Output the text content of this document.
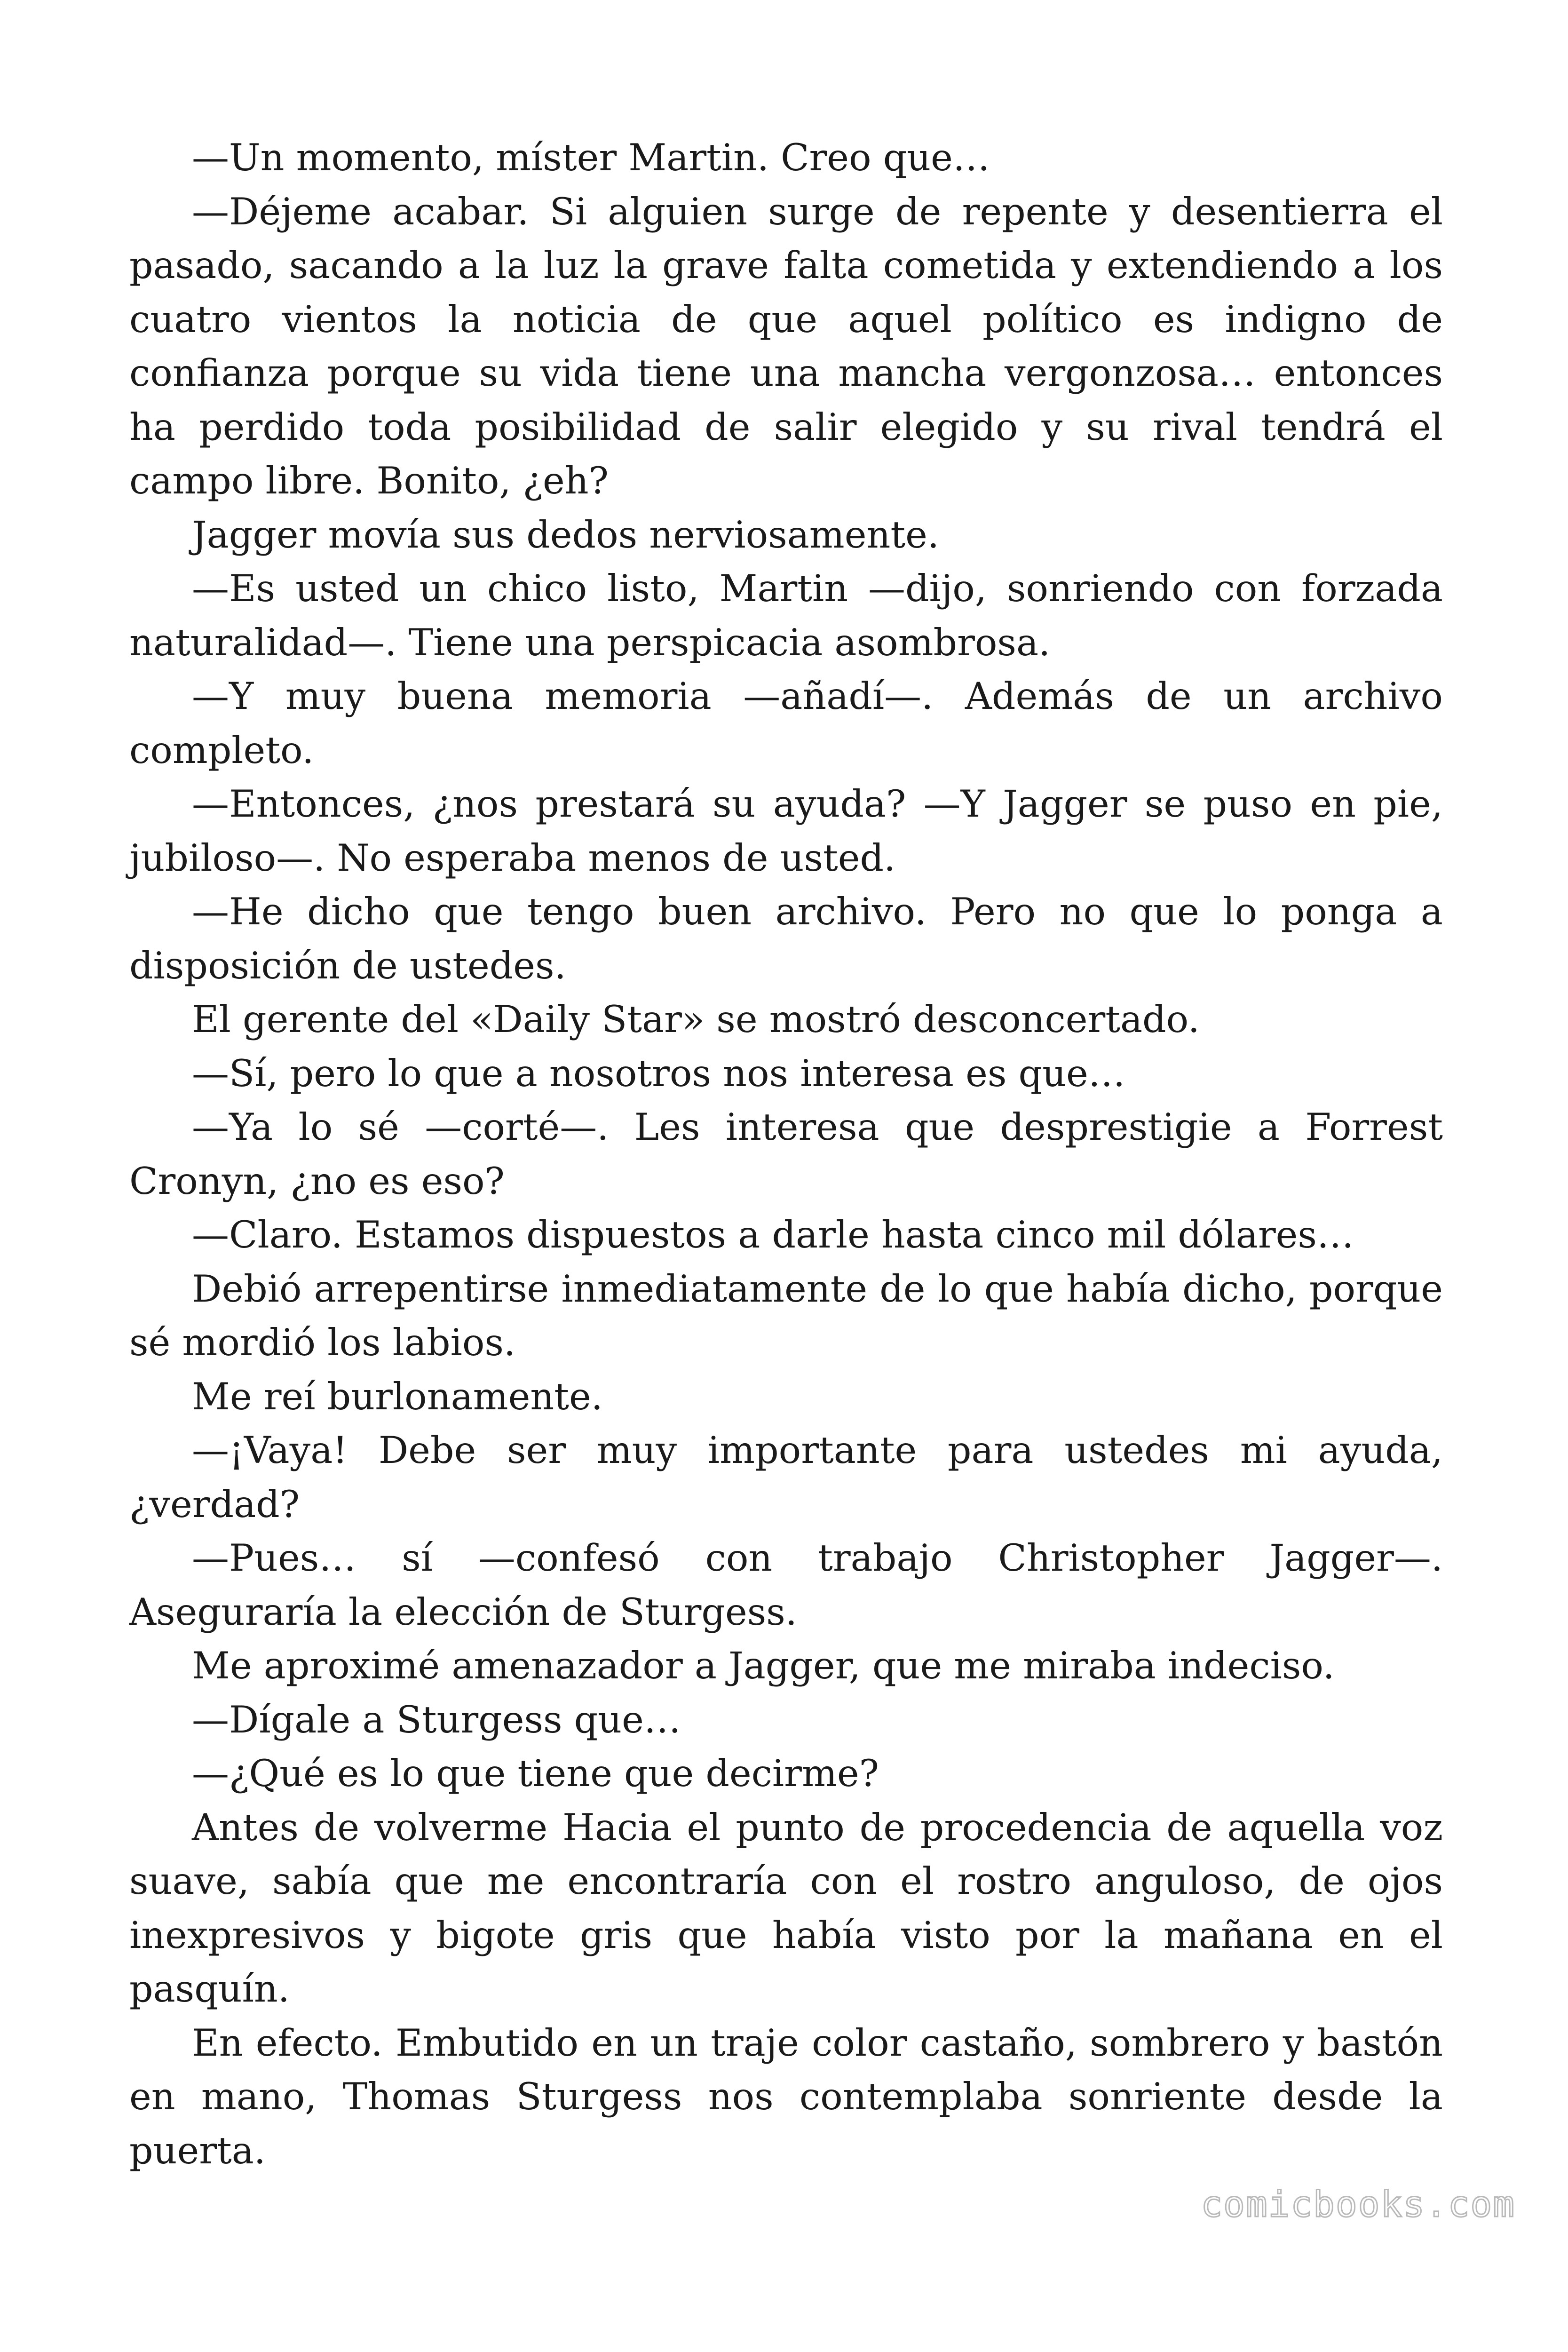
—Un momento, míster Martin. Creo que…

—Déjeme acabar. Si alguien surge de repente y desentierra el pasado, sacando a la luz la grave falta cometida y extendiendo a los cuatro vientos la noticia de que aquel político es indigno de confianza porque su vida tiene una mancha vergonzosa… entonces ha perdido toda posibilidad de salir elegido y su rival tendrá el campo libre. Bonito, ¿eh?

Jagger movía sus dedos nerviosamente.

—Es usted un chico listo, Martin —dijo, sonriendo con forzada naturalidad—. Tiene una perspicacia asombrosa.

—Y muy buena memoria —añadí—. Además de un archivo completo.

—Entonces, ¿nos prestará su ayuda? —Y Jagger se puso en pie, jubiloso—. No esperaba menos de usted.

—He dicho que tengo buen archivo. Pero no que lo ponga a disposición de ustedes.

El gerente del «Daily Star» se mostró desconcertado.

—Sí, pero lo que a nosotros nos interesa es que…

—Ya lo sé —corté—. Les interesa que desprestigie a Forrest Cronyn, ¿no es eso?

—Claro. Estamos dispuestos a darle hasta cinco mil dólares…

Debió arrepentirse inmediatamente de lo que había dicho, porque sé mordió los labios.

Me reí burlonamente.

—¡Vaya! Debe ser muy importante para ustedes mi ayuda, ¿verdad?

—Pues… sí —confesó con trabajo Christopher Jagger—. Aseguraría la elección de Sturgess.

Me aproximé amenazador a Jagger, que me miraba indeciso.

—Dígale a Sturgess que…

—¿Qué es lo que tiene que decirme?

Antes de volverme Hacia el punto de procedencia de aquella voz suave, sabía que me encontraría con el rostro anguloso, de ojos inexpresivos y bigote gris que había visto por la mañana en el pasquín.

En efecto. Embutido en un traje color castaño, sombrero y bastón en mano, Thomas Sturgess nos contemplaba sonriente desde la puerta.

comicbooks.com
